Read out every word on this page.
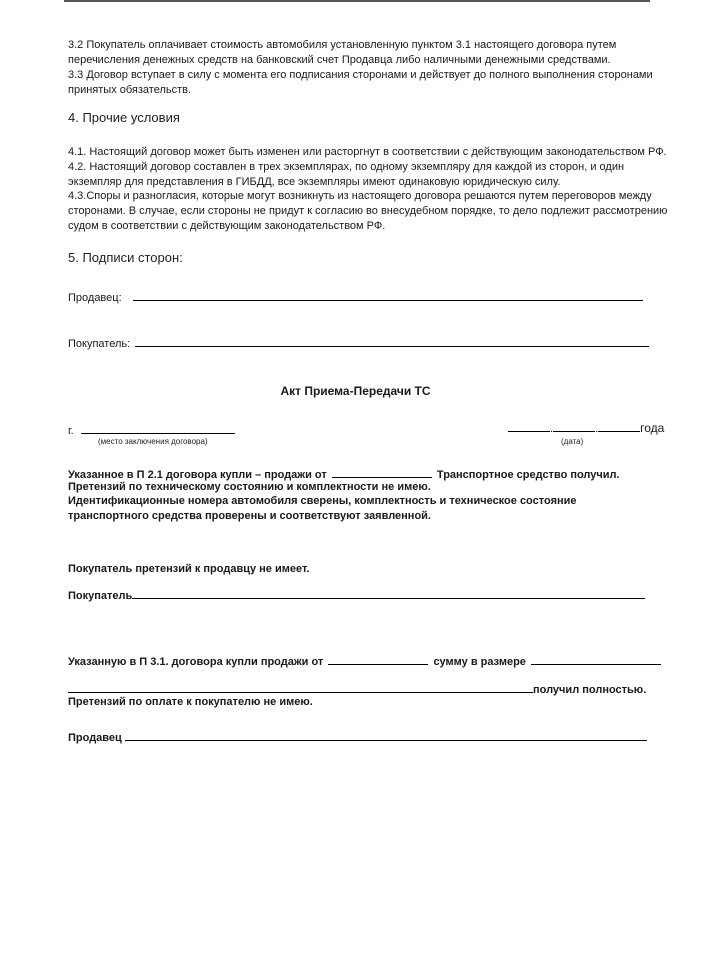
3.2 Покупатель оплачивает стоимость автомобиля установленную пунктом 3.1 настоящего договора путем перечисления денежных средств на банковский счет Продавца либо наличными денежными средствами.

3.3 Договор вступает в силу с момента его подписания сторонами и действует до полного выполнения сторонами принятых обязательств.

4. Прочие условия

4.1. Настоящий договор может быть изменен или расторгнут в соответствии с действующим законодательством РФ.

4.2. Настоящий договор составлен в трех экземплярах, по одному экземпляру для каждой из сторон, и один экземпляр для представления в ГИБДД, все экземпляры имеют одинаковую юридическую силу.

4.3.Споры и разногласия, которые могут возникнуть из настоящего договора решаются путем переговоров между сторонами. В случае, если стороны не придут к согласию во внесудебном порядке, то дело подлежит рассмотрению судом в соответствии с действующим законодательством РФ.

5. Подписи сторон:
Продавец:
Покупатель:
Акт Приема-Передачи ТС
г.
(место заключения договора)
.	.	года
(дата)
Указанное в П 2.1 договора купли – продажи от	Транспортное средство получил.
Претензий по техническому состоянию и комплектности не имею.

Идентификационные номера автомобиля сверены, комплектность и техническое состояние транспортного средства проверены и соответствуют заявленной.

Покупатель претензий к продавцу не имеет.
Покупатель
Указанную в П 3.1. договора купли продажи от	сумму в размере
получил полностью.
Претензий по оплате к покупателю не имею.
Продавец
